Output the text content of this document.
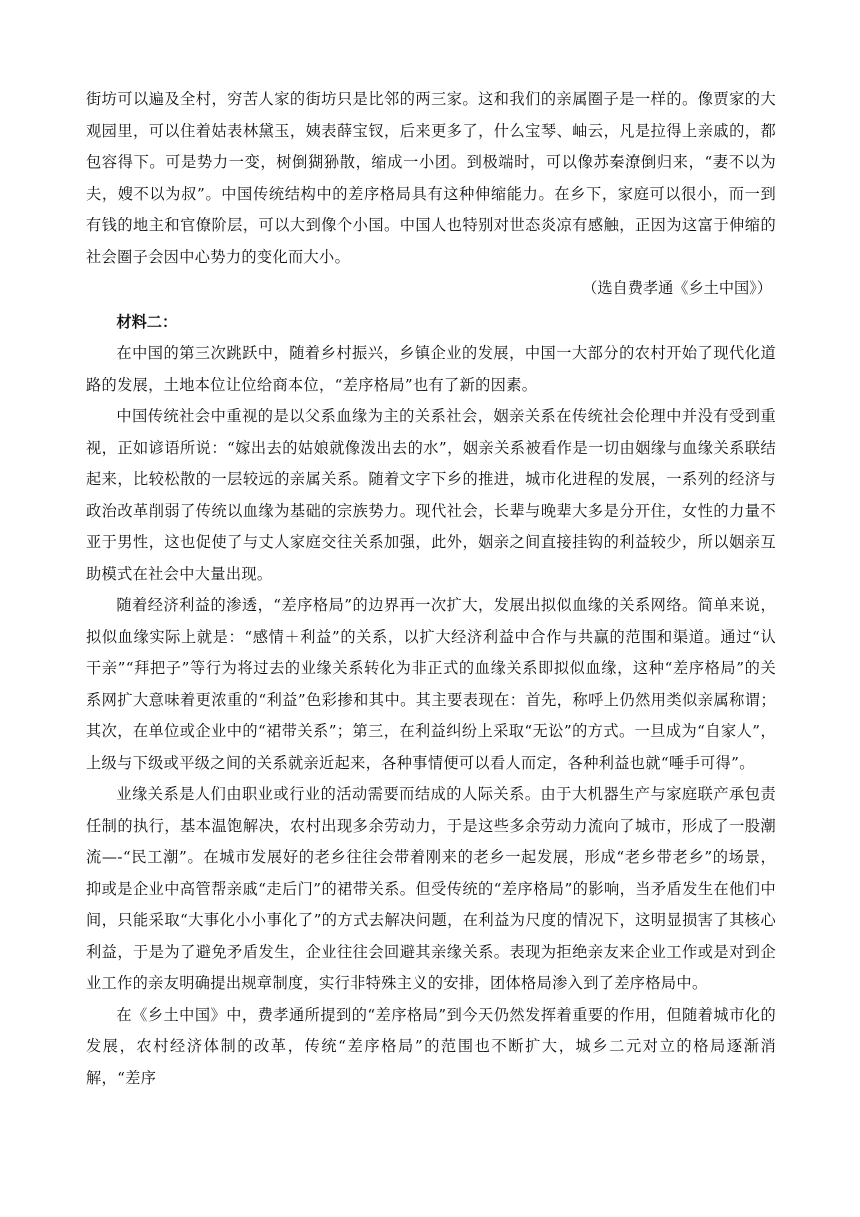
街坊可以遍及全村，穷苦人家的街坊只是比邻的两三家。这和我们的亲属圈子是一样的。像贾家的大观园里，可以住着姑表林黛玉，姨表薛宝钗，后来更多了，什么宝琴、岫云，凡是拉得上亲戚的，都包容得下。可是势力一变，树倒猢狲散，缩成一小团。到极端时，可以像苏秦潦倒归来，“妻不以为夫，嫂不以为叔”。中国传统结构中的差序格局具有这种伸缩能力。在乡下，家庭可以很小，而一到有钱的地主和官僚阶层，可以大到像个小国。中国人也特别对世态炎凉有感触，正因为这富于伸缩的社会圈子会因中心势力的变化而大小。

（选自费孝通《乡土中国》）

材料二：

在中国的第三次跳跃中，随着乡村振兴，乡镇企业的发展，中国一大部分的农村开始了现代化道路的发展，土地本位让位给商本位，“差序格局”也有了新的因素。

中国传统社会中重视的是以父系血缘为主的关系社会，姻亲关系在传统社会伦理中并没有受到重视，正如谚语所说：“嫁出去的姑娘就像泼出去的水”，姻亲关系被看作是一切由姻缘与血缘关系联结起来，比较松散的一层较远的亲属关系。随着文字下乡的推进，城市化进程的发展，一系列的经济与政治改革削弱了传统以血缘为基础的宗族势力。现代社会，长辈与晚辈大多是分开住，女性的力量不亚于男性，这也促使了与丈人家庭交往关系加强，此外，姻亲之间直接挂钩的利益较少，所以姻亲互助模式在社会中大量出现。

随着经济利益的渗透，“差序格局”的边界再一次扩大，发展出拟似血缘的关系网络。简单来说，拟似血缘实际上就是：“感情＋利益”的关系，以扩大经济利益中合作与共赢的范围和渠道。通过“认干亲”“拜把子”等行为将过去的业缘关系转化为非正式的血缘关系即拟似血缘，这种“差序格局”的关系网扩大意味着更浓重的“利益”色彩掺和其中。其主要表现在：首先，称呼上仍然用类似亲属称谓；其次，在单位或企业中的“裙带关系”；第三，在利益纠纷上采取“无讼”的方式。一旦成为“自家人”，上级与下级或平级之间的关系就亲近起来，各种事情便可以看人而定，各种利益也就“唾手可得”。

业缘关系是人们由职业或行业的活动需要而结成的人际关系。由于大机器生产与家庭联产承包责任制的执行，基本温饱解决，农村出现多余劳动力，于是这些多余劳动力流向了城市，形成了一股潮流—-“民工潮”。在城市发展好的老乡往往会带着刚来的老乡一起发展，形成“老乡带老乡”的场景，抑或是企业中高管帮亲戚“走后门”的裙带关系。但受传统的“差序格局”的影响，当矛盾发生在他们中间，只能采取“大事化小小事化了”的方式去解决问题，在利益为尺度的情况下，这明显损害了其核心利益，于是为了避免矛盾发生，企业往往会回避其亲缘关系。表现为拒绝亲友来企业工作或是对到企业工作的亲友明确提出规章制度，实行非特殊主义的安排，团体格局渗入到了差序格局中。

在《乡土中国》中，费孝通所提到的“差序格局”到今天仍然发挥着重要的作用，但随着城市化的发展，农村经济体制的改革，传统“差序格局”的范围也不断扩大，城乡二元对立的格局逐渐消解，“差序
